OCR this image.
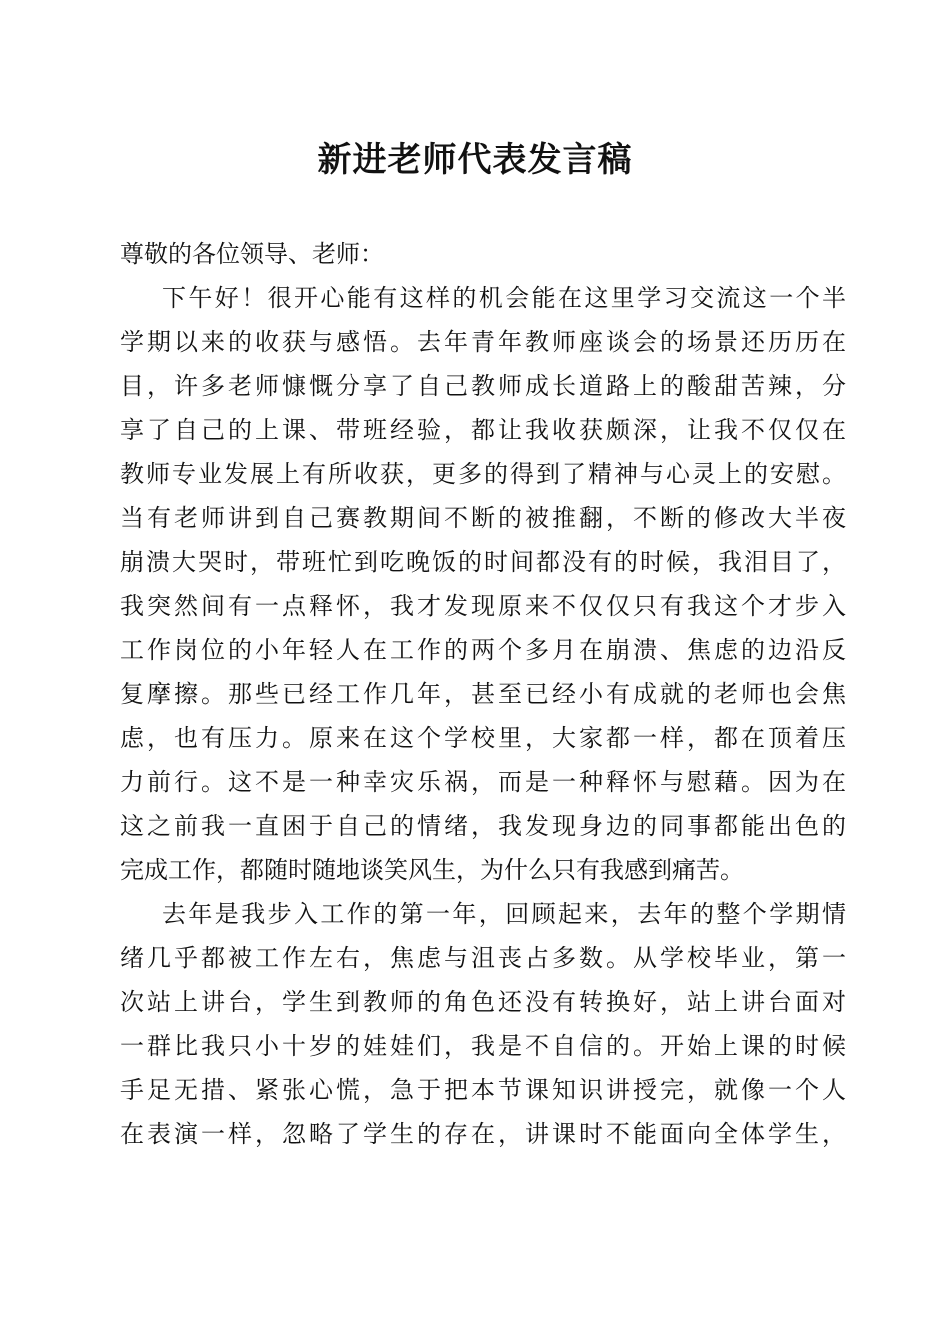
新进老师代表发言稿
尊敬的各位领导、老师：
下午好！很开心能有这样的机会能在这里学习交流这一个半
学期以来的收获与感悟。去年青年教师座谈会的场景还历历在
目，许多老师慷慨分享了自己教师成长道路上的酸甜苦辣，分
享了自己的上课、带班经验，都让我收获颇深，让我不仅仅在
教师专业发展上有所收获，更多的得到了精神与心灵上的安慰。
当有老师讲到自己赛教期间不断的被推翻，不断的修改大半夜
崩溃大哭时，带班忙到吃晚饭的时间都没有的时候，我泪目了，
我突然间有一点释怀，我才发现原来不仅仅只有我这个才步入
工作岗位的小年轻人在工作的两个多月在崩溃、焦虑的边沿反
复摩擦。那些已经工作几年，甚至已经小有成就的老师也会焦
虑，也有压力。原来在这个学校里，大家都一样，都在顶着压
力前行。这不是一种幸灾乐祸，而是一种释怀与慰藉。因为在
这之前我一直困于自己的情绪，我发现身边的同事都能出色的
完成工作，都随时随地谈笑风生，为什么只有我感到痛苦。
去年是我步入工作的第一年，回顾起来，去年的整个学期情
绪几乎都被工作左右，焦虑与沮丧占多数。从学校毕业，第一
次站上讲台，学生到教师的角色还没有转换好，站上讲台面对
一群比我只小十岁的娃娃们，我是不自信的。开始上课的时候
手足无措、紧张心慌，急于把本节课知识讲授完，就像一个人
在表演一样，忽略了学生的存在，讲课时不能面向全体学生，
